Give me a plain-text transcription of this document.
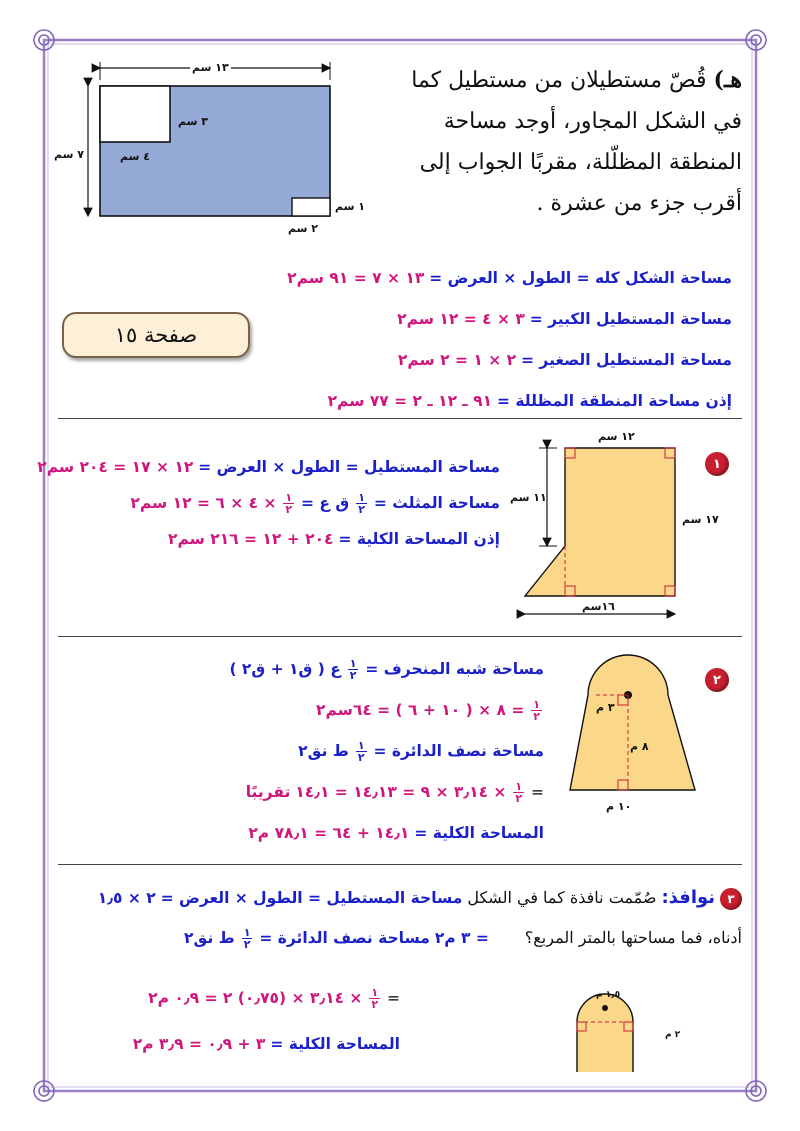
هـ) قُصّ مستطيلان من مستطيل كما
في الشكل المجاور، أوجد مساحة
المنطقة المظلّلة، مقربًا الجواب إلى
أقرب جزء من عشرة .
١٣ سم
٧ سم
٣ سم
٤ سم
١ سم
٢ سم
مساحة الشكل كله = الطول × العرض = ١٣ × ٧ = ٩١ سم٢
مساحة المستطيل الكبير = ٣ × ٤ = ١٢ سم٢
مساحة المستطيل الصغير = ٢ × ١ = ٢ سم٢
إذن مساحة المنطقة المظللة = ٩١ ـ ١٢ ـ ٢ = ٧٧ سم٢
صفحة ١٥
١
١٢ سم
١١ سم
١٧ سم
١٦سم
مساحة المستطيل = الطول × العرض = ١٢ × ١٧ = ٢٠٤ سم٢
مساحة المثلث =
$\frac{١}{٢}$
ق ع =
$\frac{١}{٢}$
× ٤ × ٦ = ١٢ سم٢
إذن المساحة الكلية = ٢٠٤ + ١٢ = ٢١٦ سم٢
٢
٣ م
٨ م
١٠ م
مساحة شبه المنحرف =
$\frac{١}{٢}$
ع ( ق١ + ق٢ )
$\frac{١}{٢}$
= ٨ × ( ١٠ + ٦ ) = ٦٤سم٢
مساحة نصف الدائرة =
$\frac{١}{٢}$
ط نق٢
=
$\frac{١}{٢}$
× ٣٫١٤ × ٩ = ١٤٫١٣ = ١٤٫١ تقريبًا
المساحة الكلية = ١٤٫١ + ٦٤ = ٧٨٫١ م٢
٣ نوافذ: صُمّمت نافذة كما في الشكل مساحة المستطيل = الطول × العرض = ٢ × ١٫٥
أدناه، فما مساحتها بالمتر المربع؟  = ٣ م٢ مساحة نصف الدائرة =
$\frac{١}{٢}$
ط نق٢
=
$\frac{١}{٢}$
× ٣٫١٤ × (٠٫٧٥) ٢ = ٠٫٩ م٢
المساحة الكلية = ٣ + ٠٫٩ = ٣٫٩ م٢
١٫٥ م
٢ م
